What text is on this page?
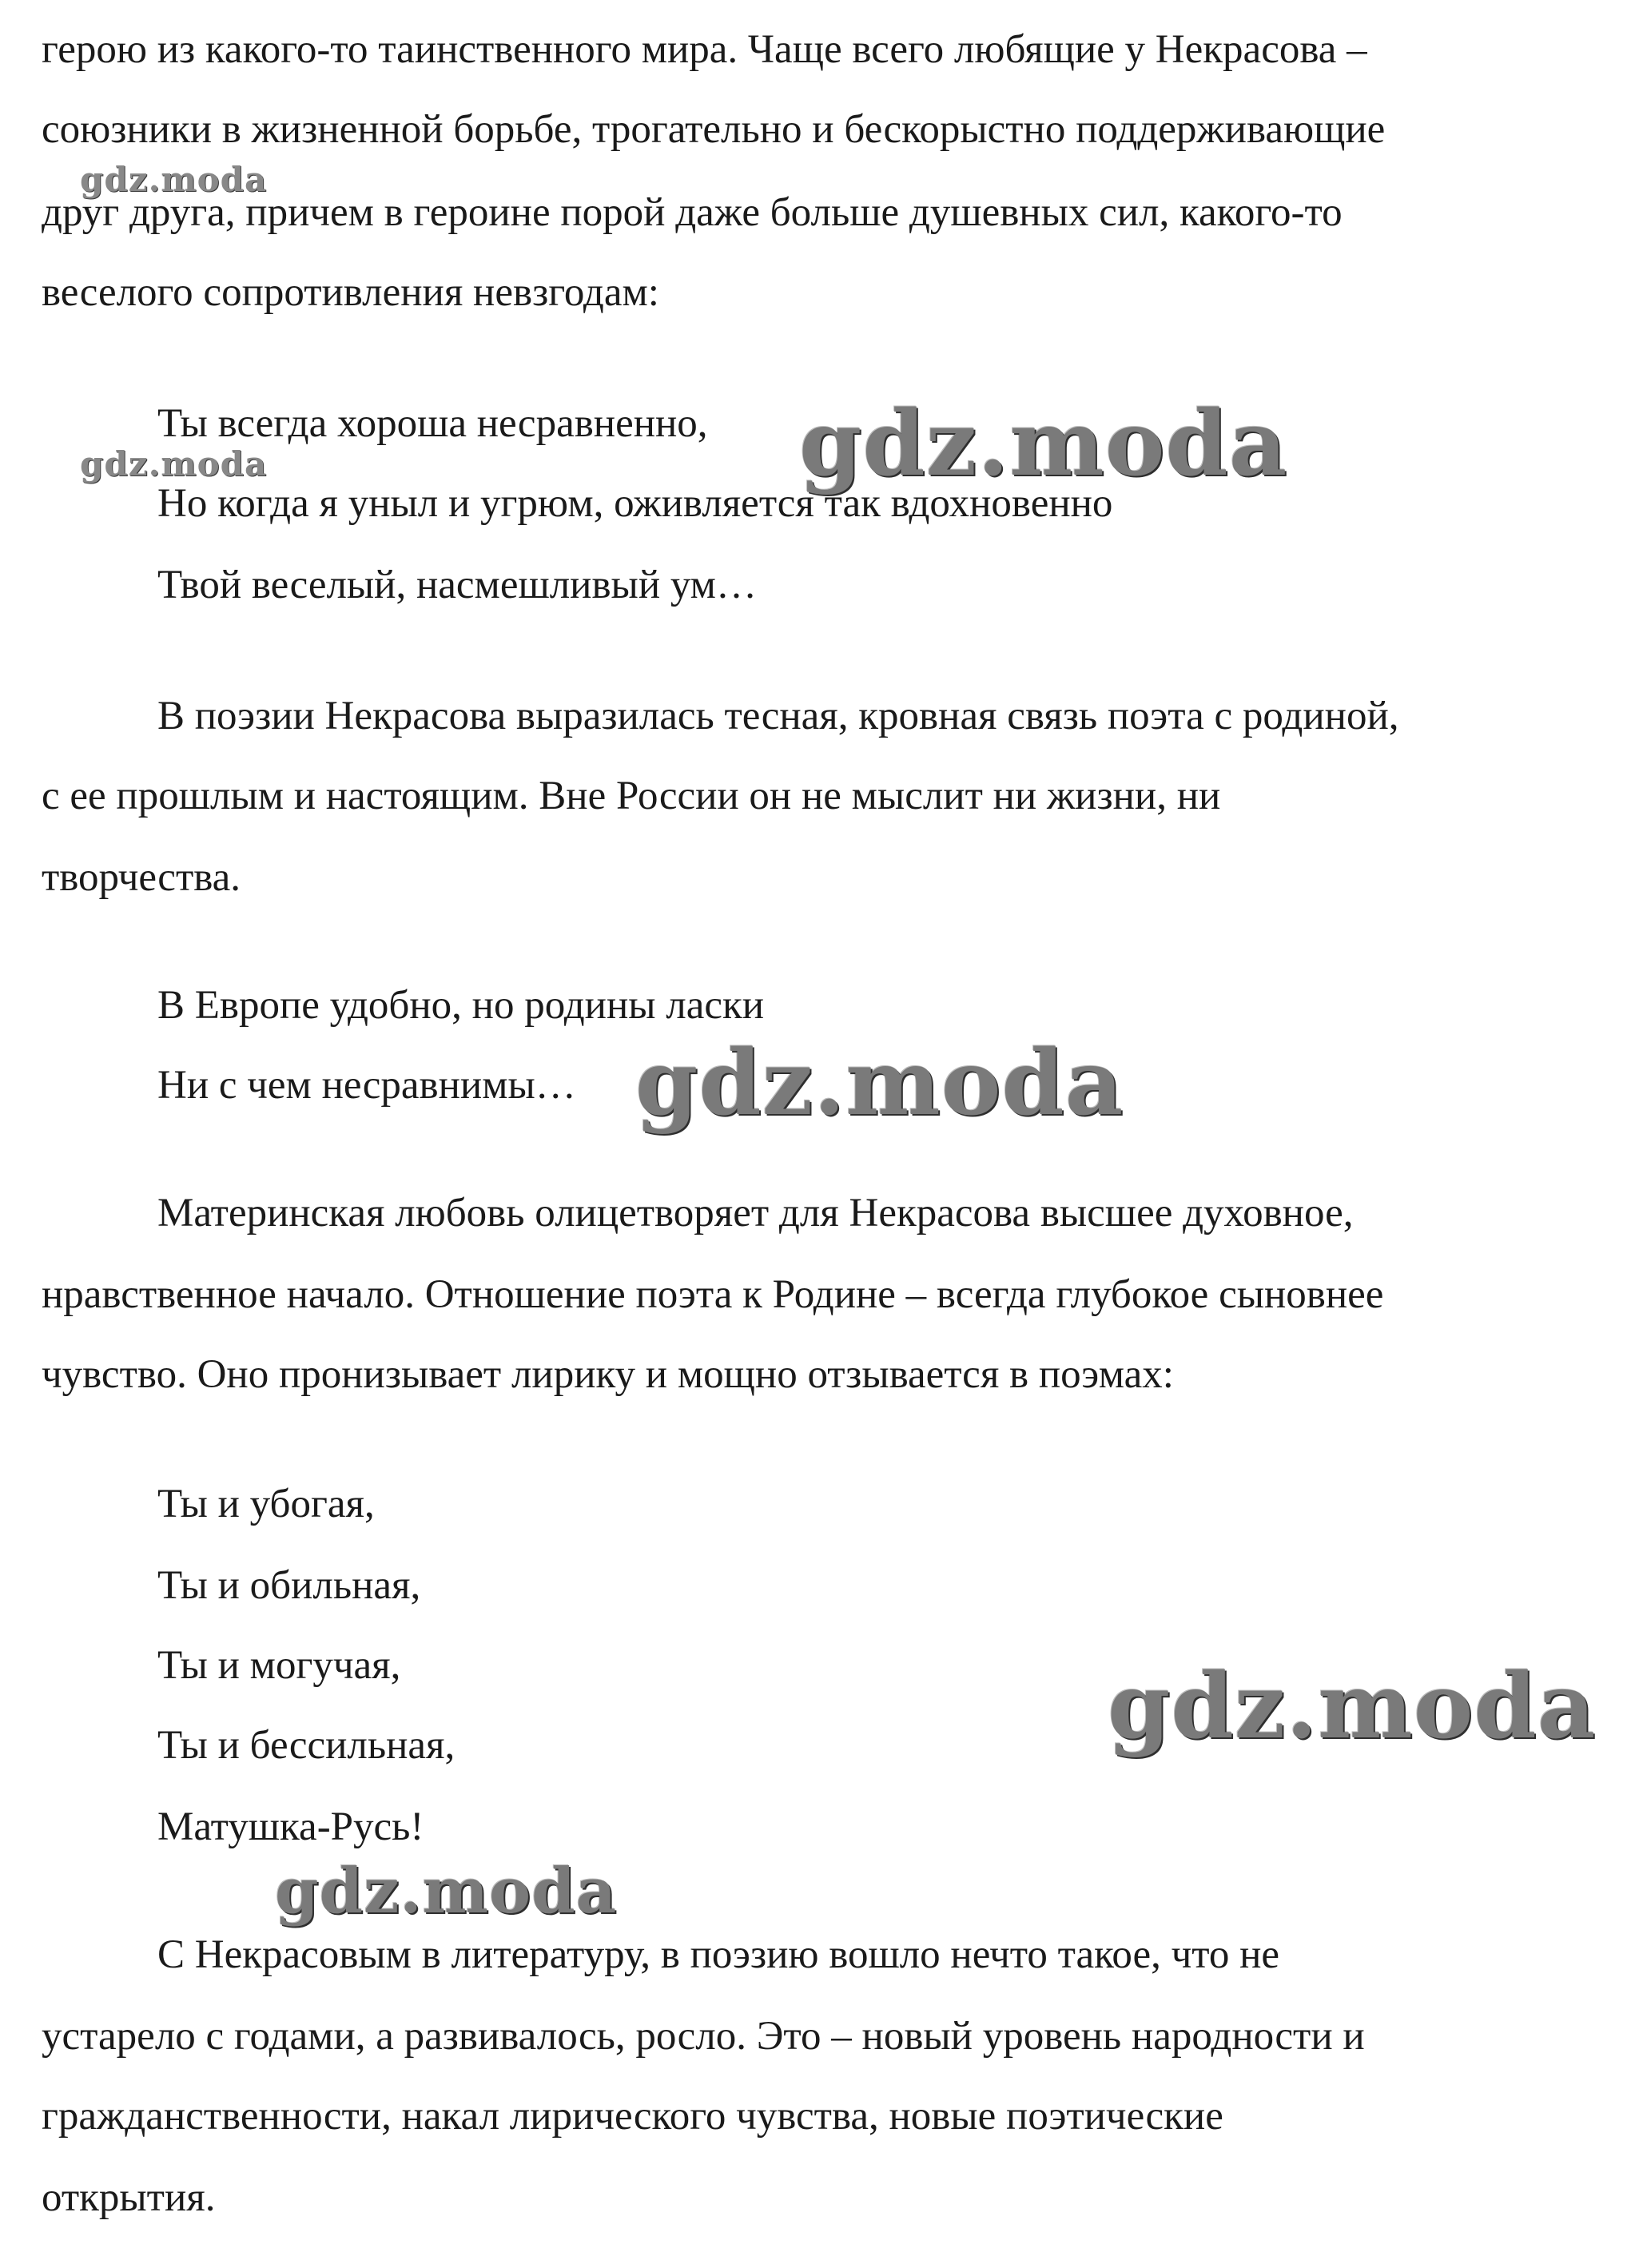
герою из какого-то таинственного мира. Чаще всего любящие у Некрасова –
союзники в жизненной борьбе, трогательно и бескорыстно поддерживающие
друг друга, причем в героине порой даже больше душевных сил, какого-то
веселого сопротивления невзгодам:
Ты всегда хороша несравненно,
Но когда я уныл и угрюм, оживляется так вдохновенно
Твой веселый, насмешливый ум…
В поэзии Некрасова выразилась тесная, кровная связь поэта с родиной,
с ее прошлым и настоящим. Вне России он не мыслит ни жизни, ни
творчества.
В Европе удобно, но родины ласки
Ни с чем несравнимы…
Материнская любовь олицетворяет для Некрасова высшее духовное,
нравственное начало. Отношение поэта к Родине – всегда глубокое сыновнее
чувство. Оно пронизывает лирику и мощно отзывается в поэмах:
Ты и убогая,
Ты и обильная,
Ты и могучая,
Ты и бессильная,
Матушка-Русь!
С Некрасовым в литературу, в поэзию вошло нечто такое, что не
устарело с годами, а развивалось, росло. Это – новый уровень народности и
гражданственности, накал лирического чувства, новые поэтические
открытия.
gdz.moda
gdz.moda	gdz.moda
gdz.moda
gdz.moda
gdz.moda
